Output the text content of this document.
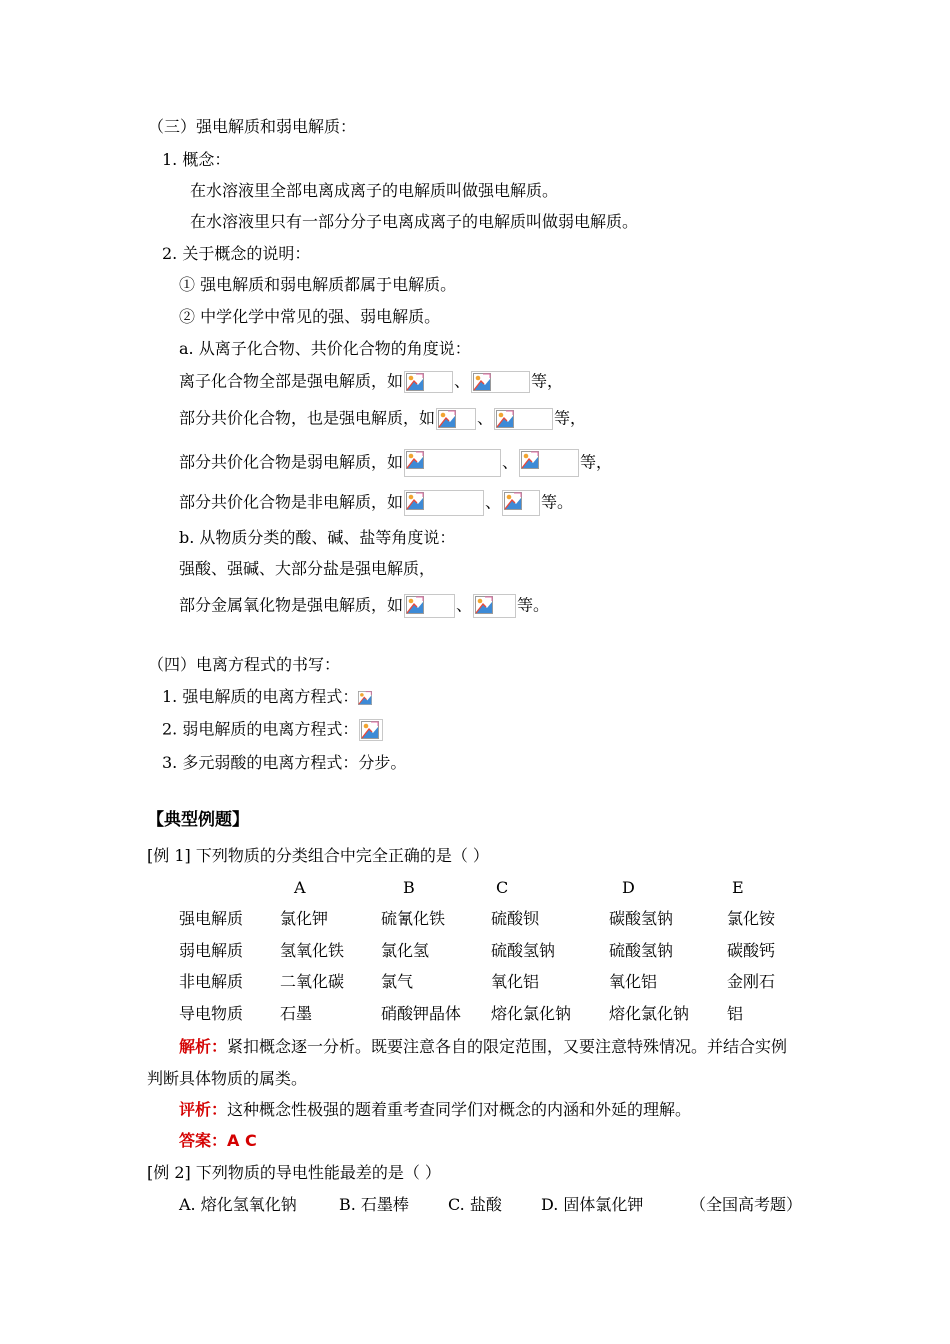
（三）强电解质和弱电解质：
1. 概念：
在水溶液里全部电离成离子的电解质叫做强电解质。
在水溶液里只有一部分分子电离成离子的电解质叫做弱电解质。
2. 关于概念的说明：
① 强电解质和弱电解质都属于电解质。
② 中学化学中常见的强、弱电解质。
a. 从离子化合物、共价化合物的角度说：
离子化合物全部是强电解质，如	、	等，
部分共价化合物，也是强电解质，如	、	等，
部分共价化合物是弱电解质，如	、	等，
部分共价化合物是非电解质，如	、	等。
b. 从物质分类的酸、碱、盐等角度说：
强酸、强碱、大部分盐是强电解质，
部分金属氧化物是强电解质，如	、	等。
（四）电离方程式的书写：
1. 强电解质的电离方程式：
2. 弱电解质的电离方程式：
3. 多元弱酸的电离方程式：分步。
【典型例题】
[例 1] 下列物质的分类组合中完全正确的是（ ）
A	B	C	D	E
强电解质 氯化钾	硫氰化铁	硫酸钡	碳酸氢钠	氯化铵
弱电解质 氢氧化铁 氯化氢	硫酸氢钠	硫酸氢钠	碳酸钙
非电解质 二氧化碳 氯气	氧化铝	氧化铝	金刚石
导电物质 石墨	硝酸钾晶体 熔化氯化钠 熔化氯化钠 铝
解析：紧扣概念逐一分析。既要注意各自的限定范围，又要注意特殊情况。并结合实例
判断具体物质的属类。
评析：这种概念性极强的题着重考查同学们对概念的内涵和外延的理解。
答案：A C
[例 2] 下列物质的导电性能最差的是（ ）
A. 熔化氢氧化钠	B. 石墨棒 C. 盐酸 D. 固体氯化钾	（全国高考题）
